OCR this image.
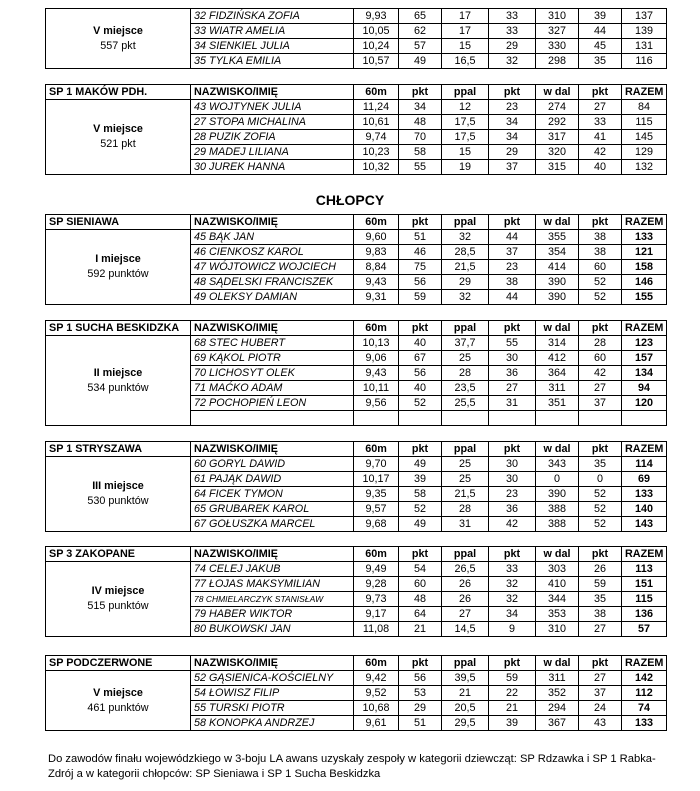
V miejsce
557 pkt	32 FIDZIŃSKA ZOFIA	9,93	65	17	33	310	39	137
	33 WIATR AMELIA	10,05	62	17	33	327	44	139
	34 SIENKIEL JULIA	10,24	57	15	29	330	45	131
	35 TYLKA EMILIA	10,57	49	16,5	32	298	35	116
SP 1 MAKÓW PDH.	NAZWISKO/IMIĘ	60m	pkt	ppal	pkt	w dal	pkt	RAZEM

V miejsce
521 pkt	43 WOJTYNEK JULIA	11,24	34	12	23	274	27	84
	27 STOPA MICHALINA	10,61	48	17,5	34	292	33	115
	28 PUZIK ZOFIA	9,74	70	17,5	34	317	41	145
	29 MADEJ LILIANA	10,23	58	15	29	320	42	129
	30 JUREK HANNA	10,32	55	19	37	315	40	132
CHŁOPCY
SP SIENIAWA	NAZWISKO/IMIĘ	60m	pkt	ppal	pkt	w dal	pkt	RAZEM

I miejsce
592 punktów	45 BĄK JAN	9,60	51	32	44	355	38	133
	46 CIENKOSZ KAROL	9,83	46	28,5	37	354	38	121
	47 WÓJTOWICZ WOJCIECH	8,84	75	21,5	23	414	60	158
	48 SĄDELSKI FRANCISZEK	9,43	56	29	38	390	52	146
	49 OLEKSY DAMIAN	9,31	59	32	44	390	52	155
SP 1 SUCHA BESKIDZKA	NAZWISKO/IMIĘ	60m	pkt	ppal	pkt	w dal	pkt	RAZEM

II miejsce
534 punktów	68 STEC HUBERT	10,13	40	37,7	55	314	28	123
	69 KĄKOL PIOTR	9,06	67	25	30	412	60	157
	70 LICHOSYT OLEK	9,43	56	28	36	364	42	134
	71 MAĆKO ADAM	10,11	40	23,5	27	311	27	94
	72 POCHOPIEŃ LEON	9,56	52	25,5	31	351	37	120

SP 1 STRYSZAWA	NAZWISKO/IMIĘ	60m	pkt	ppal	pkt	w dal	pkt	RAZEM

III miejsce
530 punktów	60 GORYL DAWID	9,70	49	25	30	343	35	114
	61 PAJĄK DAWID	10,17	39	25	30	0	0	69
	64 FICEK TYMON	9,35	58	21,5	23	390	52	133
	65 GRUBAREK KAROL	9,57	52	28	36	388	52	140
	67 GOŁUSZKA MARCEL	9,68	49	31	42	388	52	143
SP 3 ZAKOPANE	NAZWISKO/IMIĘ	60m	pkt	ppal	pkt	w dal	pkt	RAZEM

IV miejsce
515 punktów	74 CELEJ JAKUB	9,49	54	26,5	33	303	26	113
	77 ŁOJAS MAKSYMILIAN	9,28	60	26	32	410	59	151
	78 CHMIELARCZYK STANISŁAW	9,73	48	26	32	344	35	115
	79 HABER WIKTOR	9,17	64	27	34	353	38	136
	80 BUKOWSKI JAN	11,08	21	14,5	9	310	27	57
SP PODCZERWONE	NAZWISKO/IMIĘ	60m	pkt	ppal	pkt	w dal	pkt	RAZEM

V miejsce
461 punktów	52 GĄSIENICA-KOŚCIELNY	9,42	56	39,5	59	311	27	142
	54 ŁOWISZ FILIP	9,52	53	21	22	352	37	112
	55 TURSKI PIOTR	10,68	29	20,5	21	294	24	74
	58 KONOPKA ANDRZEJ	9,61	51	29,5	39	367	43	133
Do zawodów finału wojewódzkiego w 3-boju LA awans uzyskały zespoły w kategorii dziewcząt: SP Rdzawka i SP 1 Rabka-Zdrój a w kategorii chłopców: SP Sieniawa i SP 1 Sucha Beskidzka
